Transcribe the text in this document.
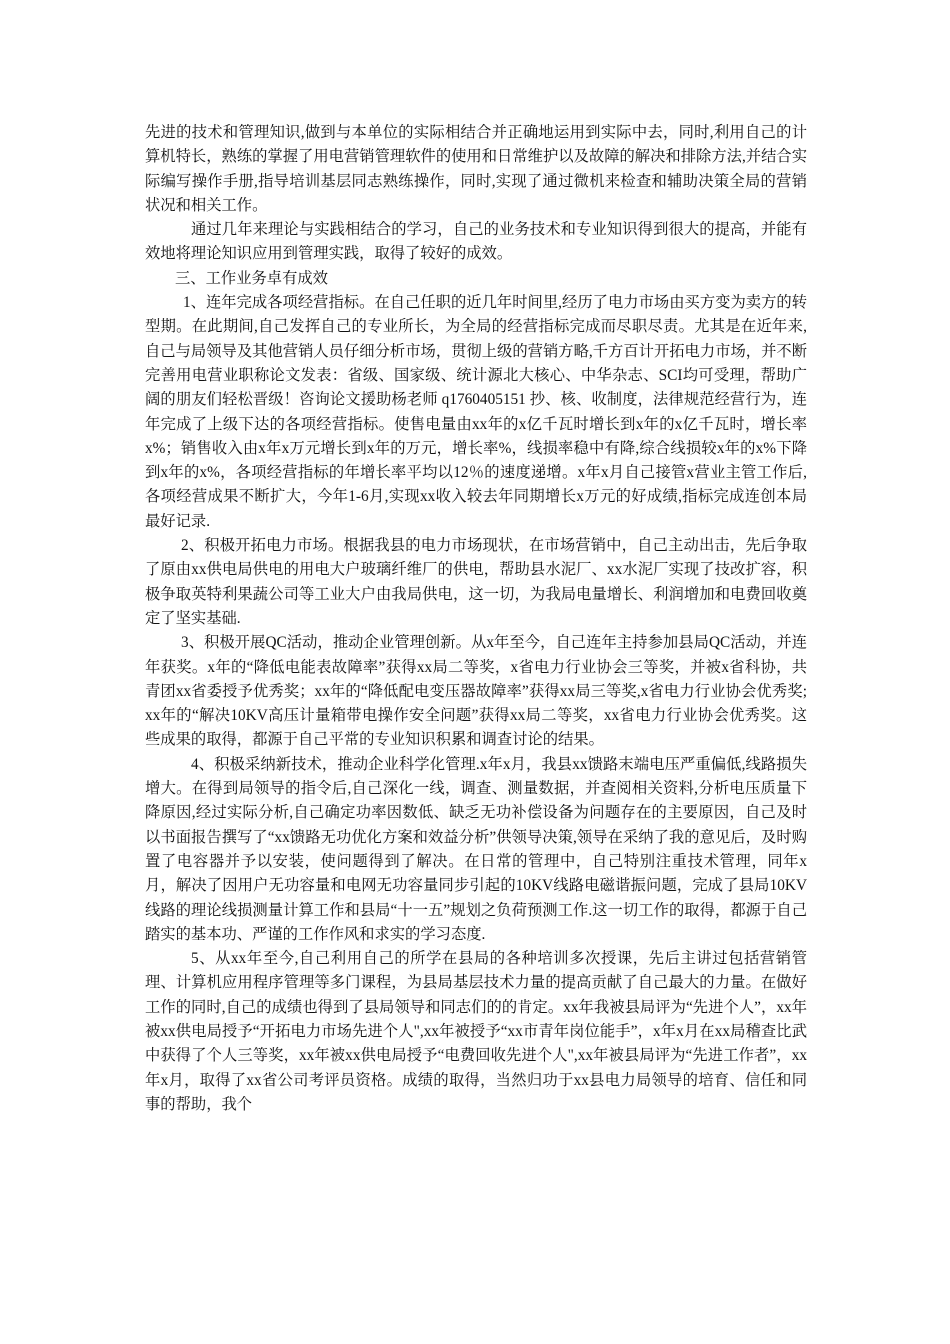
先进的技术和管理知识,做到与本单位的实际相结合并正确地运用到实际中去，同时,利用自己的计算机特长，熟练的掌握了用电营销管理软件的使用和日常维护以及故障的解决和排除方法,并结合实际编写操作手册,指导培训基层同志熟练操作，同时,实现了通过微机来检查和辅助决策全局的营销状况和相关工作。

通过几年来理论与实践相结合的学习，自己的业务技术和专业知识得到很大的提高，并能有效地将理论知识应用到管理实践，取得了较好的成效。

三、工作业务卓有成效

1、连年完成各项经营指标。在自己任职的近几年时间里,经历了电力市场由买方变为卖方的转型期。在此期间,自己发挥自己的专业所长，为全局的经营指标完成而尽职尽责。尤其是在近年来,自己与局领导及其他营销人员仔细分析市场，贯彻上级的营销方略,千方百计开拓电力市场，并不断完善用电营业职称论文发表：省级、国家级、统计源北大核心、中华杂志、SCI均可受理，帮助广阔的朋友们轻松晋级！咨询论文援助杨老师 q1760405151 抄、核、收制度，法律规范经营行为，连年完成了上级下达的各项经营指标。使售电量由xx年的x亿千瓦时增长到x年的x亿千瓦时，增长率x%；销售收入由x年x万元增长到x年的万元，增长率%，线损率稳中有降,综合线损较x年的x%下降到x年的x%，各项经营指标的年增长率平均以12％的速度递增。x年x月自己接管x营业主管工作后,各项经营成果不断扩大，今年1-6月,实现xx收入较去年同期增长x万元的好成绩,指标完成连创本局最好记录.

2、积极开拓电力市场。根据我县的电力市场现状，在市场营销中，自己主动出击，先后争取了原由xx供电局供电的用电大户玻璃纤维厂的供电，帮助县水泥厂、xx水泥厂实现了技改扩容，积极争取英特利果蔬公司等工业大户由我局供电，这一切，为我局电量增长、利润增加和电费回收奠定了坚实基础.

3、积极开展QC活动，推动企业管理创新。从x年至今，自己连年主持参加县局QC活动，并连年获奖。x年的“降低电能表故障率”获得xx局二等奖，x省电力行业协会三等奖，并被x省科协，共青团xx省委授予优秀奖；xx年的“降低配电变压器故障率”获得xx局三等奖,x省电力行业协会优秀奖;xx年的“解决10KV高压计量箱带电操作安全问题”获得xx局二等奖，xx省电力行业协会优秀奖。这些成果的取得，都源于自己平常的专业知识积累和调查讨论的结果。

4、积极采纳新技术，推动企业科学化管理.x年x月，我县xx馈路末端电压严重偏低,线路损失增大。在得到局领导的指令后,自己深化一线，调查、测量数据，并查阅相关资料,分析电压质量下降原因,经过实际分析,自己确定功率因数低、缺乏无功补偿设备为问题存在的主要原因，自己及时以书面报告撰写了“xx馈路无功优化方案和效益分析”供领导决策,领导在采纳了我的意见后，及时购置了电容器并予以安装，使问题得到了解决。在日常的管理中，自己特别注重技术管理，同年x月，解决了因用户无功容量和电网无功容量同步引起的10KV线路电磁谐振问题，完成了县局10KV线路的理论线损测量计算工作和县局“十一五”规划之负荷预测工作.这一切工作的取得，都源于自己踏实的基本功、严谨的工作作风和求实的学习态度.

5、从xx年至今,自己利用自己的所学在县局的各种培训多次授课，先后主讲过包括营销管理、计算机应用程序管理等多门课程，为县局基层技术力量的提高贡献了自己最大的力量。在做好工作的同时,自己的成绩也得到了县局领导和同志们的的肯定。xx年我被县局评为“先进个人”，xx年被xx供电局授予“开拓电力市场先进个人",xx年被授予“xx市青年岗位能手”，x年x月在xx局稽查比武中获得了个人三等奖，xx年被xx供电局授予“电费回收先进个人",xx年被县局评为“先进工作者”，xx年x月，取得了xx省公司考评员资格。成绩的取得，当然归功于xx县电力局领导的培育、信任和同事的帮助，我个
